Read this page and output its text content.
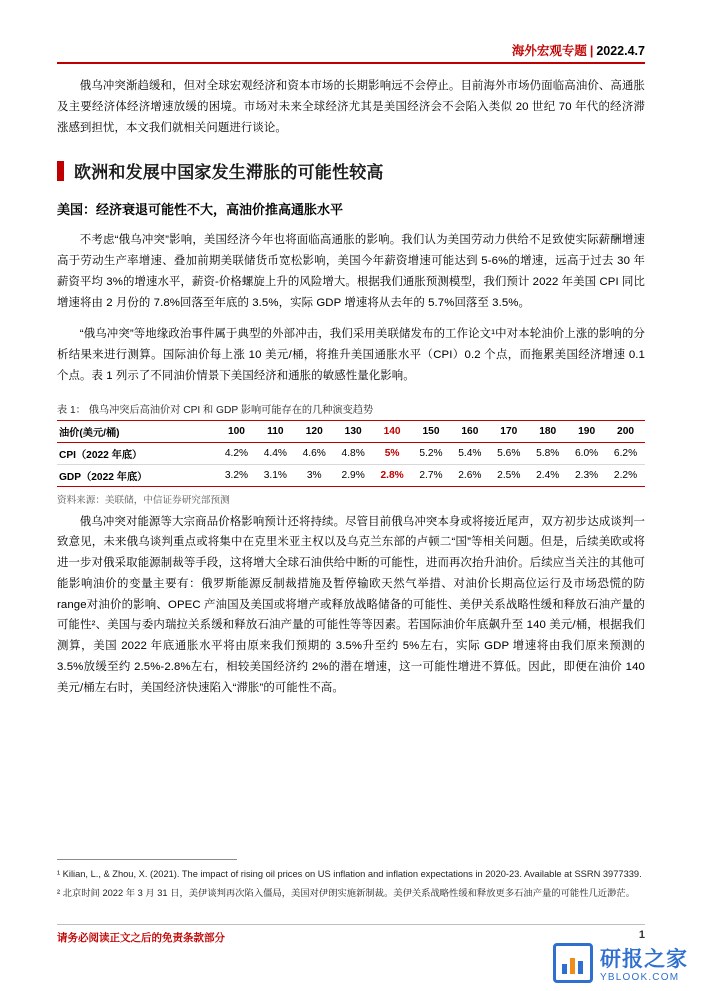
海外宏观专题 | 2022.4.7

俄乌冲突渐趋缓和，但对全球宏观经济和资本市场的长期影响远不会停止。目前海外市场仍面临高油价、高通胀及主要经济体经济增速放缓的困境。市场对未来全球经济尤其是美国经济会不会陷入类似 20 世纪 70 年代的经济滞涨感到担忧，本文我们就相关问题进行谈论。

欧洲和发展中国家发生滞胀的可能性较高
美国：经济衰退可能性不大，高油价推高通胀水平

不考虑“俄乌冲突”影响，美国经济今年也将面临高通胀的影响。我们认为美国劳动力供给不足致使实际薪酬增速高于劳动生产率增速、叠加前期美联储货币宽松影响，美国今年薪资增速可能达到 5-6%的增速，远高于过去 30 年薪资平均 3%的增速水平，薪资-价格螺旋上升的风险增大。根据我们通胀预测模型，我们预计 2022 年美国 CPI 同比增速将由 2 月份的 7.8%回落至年底的 3.5%，实际 GDP 增速将从去年的 5.7%回落至 3.5%。

“俄乌冲突”等地缘政治事件属于典型的外部冲击，我们采用美联储发布的工作论文¹中对本轮油价上涨的影响的分析结果来进行测算。国际油价每上涨 10 美元/桶，将推升美国通胀水平（CPI）0.2 个点，而拖累美国经济增速 0.1 个点。表 1 列示了不同油价情景下美国经济和通胀的敏感性量化影响。

表 1： 俄乌冲突后高油价对 CPI 和 GDP 影响可能存在的几种演变趋势
油价(美元/桶)	100	110	120	130	140	150	160	170	180	190	200
CPI（2022 年底）	4.2%	4.4%	4.6%	4.8%	5%	5.2%	5.4%	5.6%	5.8%	6.0%	6.2%
GDP（2022 年底）	3.2%	3.1%	3%	2.9%	2.8%	2.7%	2.6%	2.5%	2.4%	2.3%	2.2%
资料来源：美联储，中信证券研究部预测

俄乌冲突对能源等大宗商品价格影响预计还将持续。尽管目前俄乌冲突本身或将接近尾声，双方初步达成谈判一致意见，未来俄乌谈判重点或将集中在克里米亚主权以及乌克兰东部的卢顿二“国”等相关问题。但是，后续美欧或将进一步对俄采取能源制裁等手段，这将增大全球石油供给中断的可能性，进而再次抬升油价。后续应当关注的其他可能影响油价的变量主要有：俄罗斯能源反制裁措施及暂停输欧天然气举措、对油价长期高位运行及市场恐慌的防range对油价的影响、OPEC 产油国及美国或将增产或释放战略储备的可能性、美伊关系战略性缓和释放石油产量的可能性²、美国与委内瑞拉关系缓和释放石油产量的可能性等等因素。若国际油价年底飙升至 140 美元/桶，根据我们测算，美国 2022 年底通胀水平将由原来我们预期的 3.5%升至约 5%左右，实际 GDP 增速将由我们原来预测的 3.5%放缓至约 2.5%-2.8%左右，相较美国经济约 2%的潜在增速，这一可能性增进不算低。因此，即便在油价 140 美元/桶左右时，美国经济快速陷入“滞胀”的可能性不高。

¹ Kilian, L., & Zhou, X. (2021). The impact of rising oil prices on US inflation and inflation expectations in 2020-23. Available at SSRN 3977339.

² 北京时间 2022 年 3 月 31 日，美伊谈判再次陷入僵局，美国对伊朗实施新制裁。美伊关系战略性缓和释放更多石油产量的可能性几近渺茫。

请务必阅读正文之后的免责条款部分	1
研报之家
YBLOOK.COM
